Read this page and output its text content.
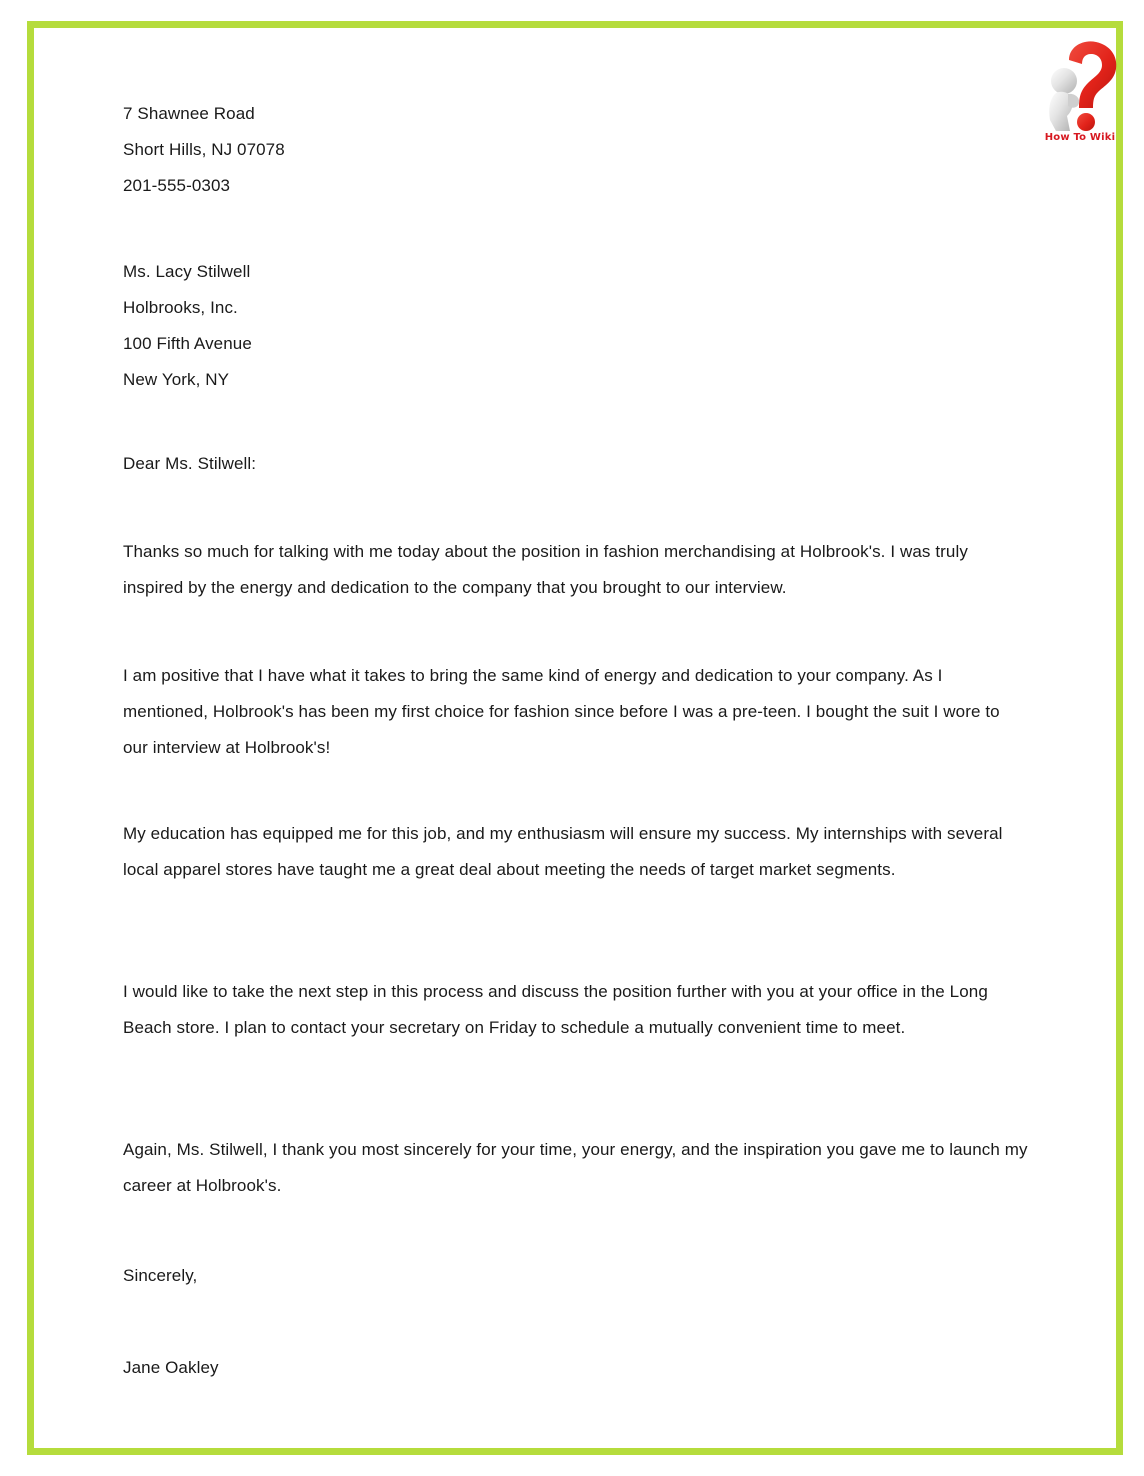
How To Wiki
7 Shawnee Road
Short Hills, NJ 07078
201-555-0303
Ms. Lacy Stilwell
Holbrooks, Inc.
100 Fifth Avenue
New York, NY
Dear Ms. Stilwell:
Thanks so much for talking with me today about the position in fashion merchandising at Holbrook's. I was truly inspired by the energy and dedication to the company that you brought to our interview.
I am positive that I have what it takes to bring the same kind of energy and dedication to your company. As I mentioned, Holbrook's has been my first choice for fashion since before I was a pre-teen. I bought the suit I wore to our interview at Holbrook's!
My education has equipped me for this job, and my enthusiasm will ensure my success. My internships with several local apparel stores have taught me a great deal about meeting the needs of target market segments.
I would like to take the next step in this process and discuss the position further with you at your office in the Long Beach store. I plan to contact your secretary on Friday to schedule a mutually convenient time to meet.
Again, Ms. Stilwell, I thank you most sincerely for your time, your energy, and the inspiration you gave me to launch my career at Holbrook's.
Sincerely,
Jane Oakley
